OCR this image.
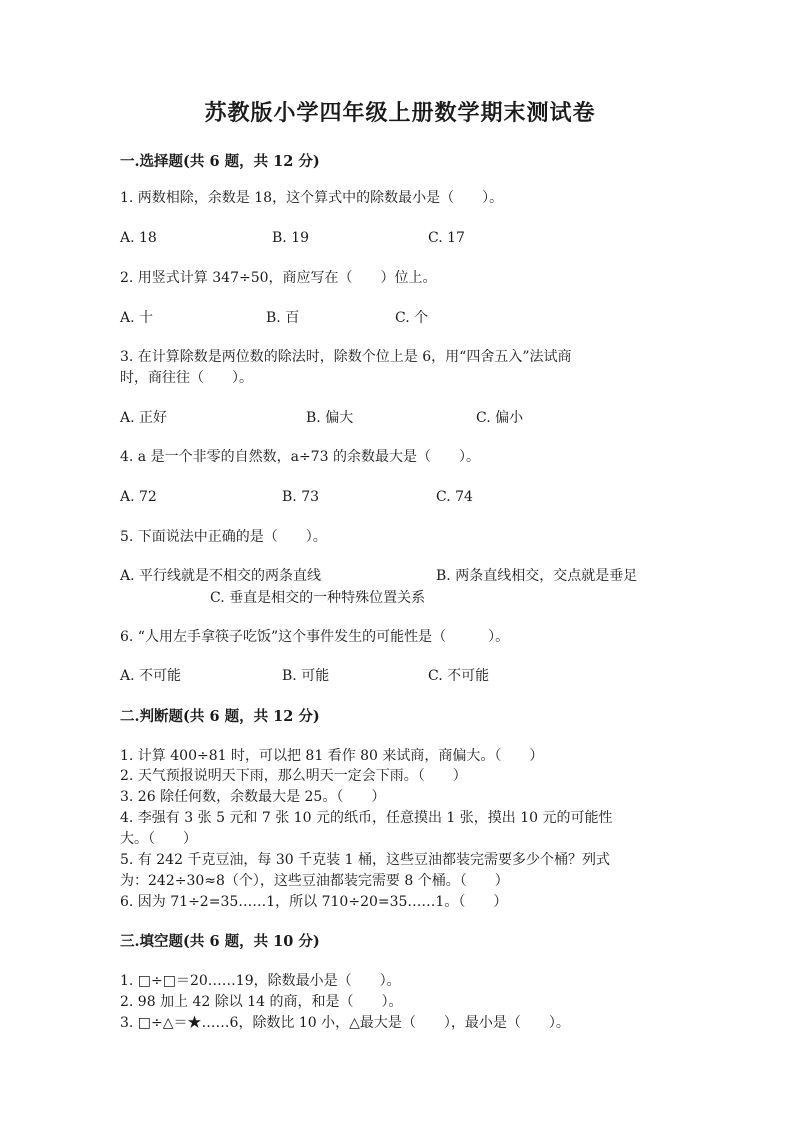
苏教版小学四年级上册数学期末测试卷
一.选择题(共 6 题，共 12 分)
1. 两数相除，余数是 18，这个算式中的除数最小是（　　）。
A. 18	B. 19	C. 17
2. 用竖式计算 347÷50，商应写在（　　）位上。
A. 十	B. 百	C. 个
3. 在计算除数是两位数的除法时，除数个位上是 6，用“四舍五入”法试商
时，商往往（　　）。
A. 正好	B. 偏大	C. 偏小
4. a 是一个非零的自然数，a÷73 的余数最大是（　　）。
A. 72	B. 73	C. 74
5. 下面说法中正确的是（　　）。
A. 平行线就是不相交的两条直线	B. 两条直线相交，交点就是垂足
C. 垂直是相交的一种特殊位置关系
6. “人用左手拿筷子吃饭”这个事件发生的可能性是（　　　）。
A. 不可能	B. 可能	C. 不可能
二.判断题(共 6 题，共 12 分)
1. 计算 400÷81 时，可以把 81 看作 80 来试商，商偏大。（　　）
2. 天气预报说明天下雨，那么明天一定会下雨。（　　）
3. 26 除任何数，余数最大是 25。（　　）
4. 李强有 3 张 5 元和 7 张 10 元的纸币，任意摸出 1 张，摸出 10 元的可能性
大。（　　）
5. 有 242 千克豆油，每 30 千克装 1 桶，这些豆油都装完需要多少个桶？列式
为：242÷30≈8（个），这些豆油都装完需要 8 个桶。（　　）
6. 因为 71÷2=35……1，所以 710÷20=35……1。（　　）
三.填空题(共 6 题，共 10 分)
1. □÷□＝20……19，除数最小是（　　）。
2. 98 加上 42 除以 14 的商，和是（　　）。
3. □÷△＝★……6，除数比 10 小，△最大是（　　），最小是（　　）。
